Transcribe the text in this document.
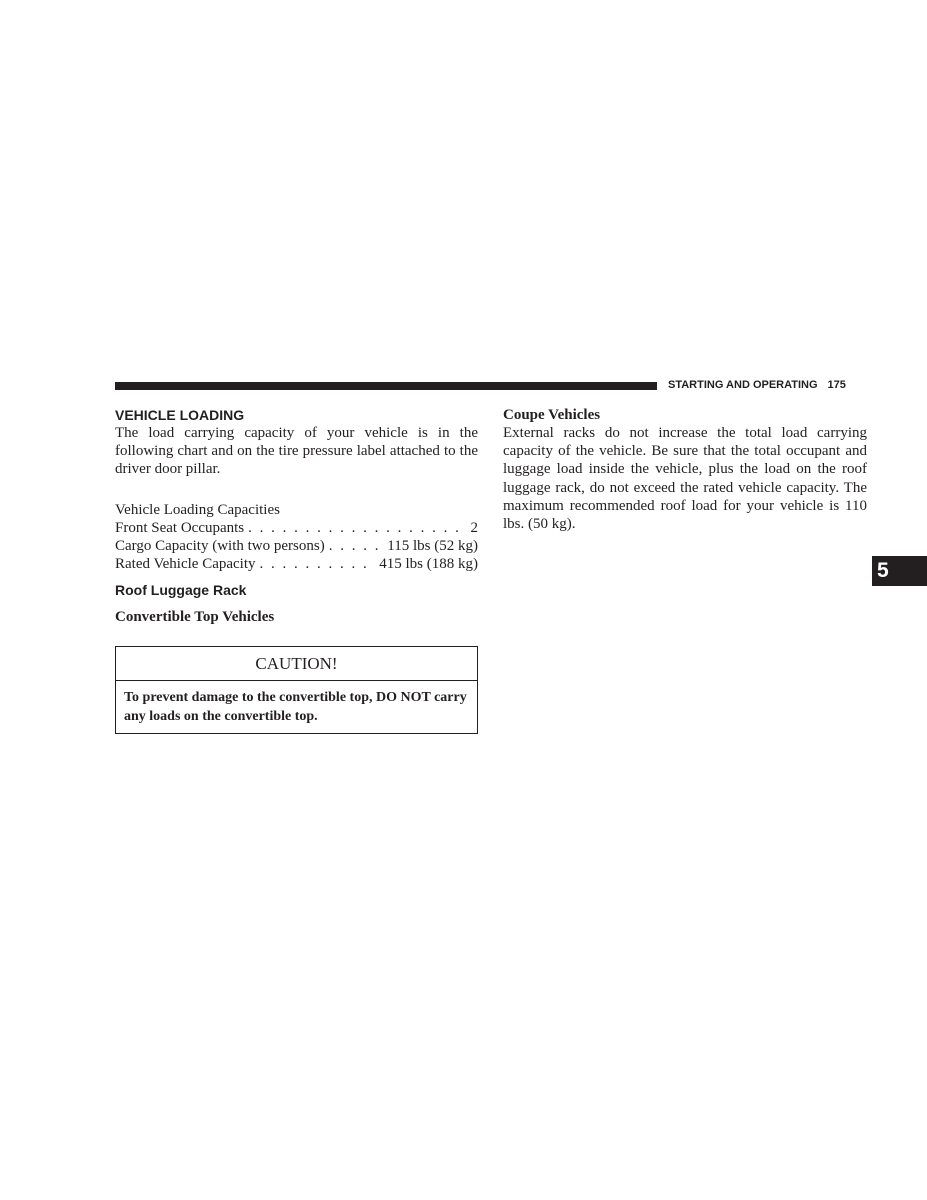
STARTING AND OPERATING 175
VEHICLE LOADING

The load carrying capacity of your vehicle is in the following chart and on the tire pressure label attached to the driver door pillar.

Vehicle Loading Capacities

Front Seat Occupants . . .	2
Cargo Capacity (with two persons) . . .	115 lbs (52 kg)
Rated Vehicle Capacity . . .	415 lbs (188 kg)
Roof Luggage Rack
Convertible Top Vehicles
CAUTION!
To prevent damage to the convertible top, DO NOT carry any loads on the convertible top.
Coupe Vehicles

External racks do not increase the total load carrying capacity of the vehicle. Be sure that the total occupant and luggage load inside the vehicle, plus the load on the roof luggage rack, do not exceed the rated vehicle capacity. The maximum recommended roof load for your vehicle is 110 lbs. (50 kg).

5
